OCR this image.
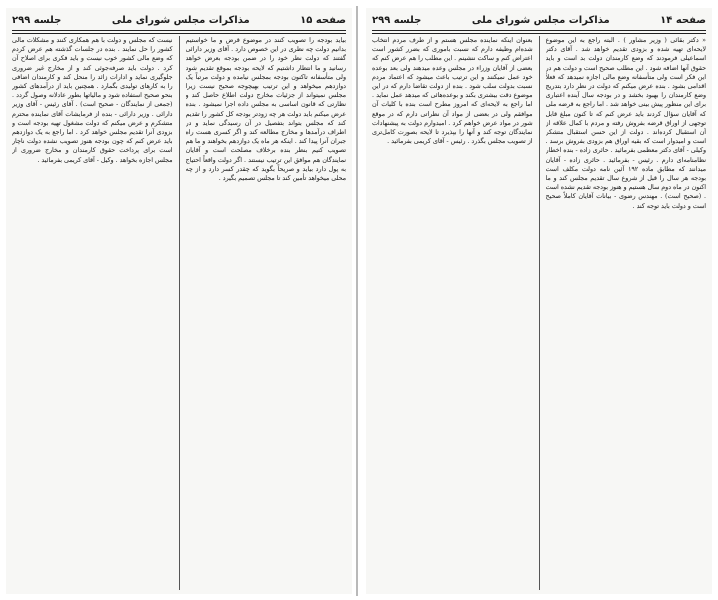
صفحه ۱۵
مذاکرات مجلس شورای ملی
جلسه ۲۹۹

بیاید بودجه را تصویب کنند در موضوع قرض و ما خواستیم بدانیم دولت چه نظری در این خصوص دارد . آقای وزیر دارائی گفتند که دولت نظر خود را در ضمن بودجه بعرض خواهد رسانید و ما انتظار داشتیم که لایحه بودجه بموقع تقدیم شود ولی متأسفانه تاکنون بودجه بمجلس نیامده و دولت مرتباً یک دوازدهم میخواهد و این ترتیب بهیچوجه صحیح نیست زیرا مجلس نمیتواند از جزئیات مخارج دولت اطلاع حاصل کند و نظارتی که قانون اساسی به مجلس داده اجرا نمیشود . بنده عرض میکنم باید دولت هر چه زودتر بودجه کل کشور را تقدیم کند که مجلس بتواند بتفصیل در آن رسیدگی نماید و در اطراف درآمدها و مخارج مطالعه کند و اگر کسری هست راه جبران آنرا پیدا کند . اینکه هر ماه یک دوازدهم بخواهند و ما هم تصویب کنیم بنظر بنده برخلاف مصلحت است و آقایان نمایندگان هم موافق این ترتیب نیستند . اگر دولت واقعاً احتیاج به پول دارد بیاید و صریحاً بگوید که چقدر کسر دارد و از چه محلی میخواهد تأمین کند تا مجلس تصمیم بگیرد .

نیست که مجلس و دولت با هم همکاری کنند و مشکلات مالی کشور را حل نمایند . بنده در جلسات گذشته هم عرض کردم که وضع مالی کشور خوب نیست و باید فکری برای اصلاح آن کرد . دولت باید صرفه‌جوئی کند و از مخارج غیر ضروری جلوگیری نماید و ادارات زائد را منحل کند و کارمندان اضافی را به کارهای تولیدی بگمارد . همچنین باید از درآمدهای کشور بنحو صحیح استفاده شود و مالیاتها بطور عادلانه وصول گردد . (جمعی از نمایندگان - صحیح است) . آقای رئیس - آقای وزیر دارائی . وزیر دارائی - بنده از فرمایشات آقای نماینده محترم متشکرم و عرض میکنم که دولت مشغول تهیه بودجه است و بزودی آنرا تقدیم مجلس خواهد کرد . اما راجع به یک دوازدهم باید عرض کنم که چون بودجه هنوز تصویب نشده دولت ناچار است برای پرداخت حقوق کارمندان و مخارج ضروری از مجلس اجازه بخواهد . وکیل - آقای کریمی بفرمائید .

صفحه ۱۴
مذاکرات مجلس شورای ملی
جلسه ۲۹۹

« دکتر بقائی ( وزیر مشاور ) . البته راجع به این موضوع لایحه‌ای تهیه شده و بزودی تقدیم خواهد شد . آقای دکتر اسماعیلی فرمودند که وضع کارمندان دولت بد است و باید حقوق آنها اضافه شود . این مطلب صحیح است و دولت هم در این فکر است ولی متأسفانه وضع مالی اجازه نمیدهد که فعلاً اقدامی بشود . بنده عرض میکنم که دولت در نظر دارد بتدریج وضع کارمندان را بهبود بخشد و در بودجه سال آینده اعتباری برای این منظور پیش بینی خواهد شد . اما راجع به قرضه ملی که آقایان سؤال کردند باید عرض کنم که تا کنون مبلغ قابل توجهی از اوراق قرضه بفروش رفته و مردم با کمال علاقه از آن استقبال کرده‌اند . دولت از این حسن استقبال متشکر است و امیدوار است که بقیه اوراق هم بزودی بفروش برسد . وکیلی - آقای دکتر معظمی بفرمائید . حائری زاده - بنده اخطار نظامنامه‌ای دارم . رئیس - بفرمائید . حائری زاده - آقایان میدانند که مطابق ماده ۱۹۲ آئین نامه دولت مکلف است بودجه هر سال را قبل از شروع سال تقدیم مجلس کند و ما اکنون در ماه دوم سال هستیم و هنوز بودجه تقدیم نشده است . (صحیح است) . مهندس رضوی - بیانات آقایان کاملاً صحیح است و دولت باید توجه کند .

بعنوان اینکه نماینده مجلس هستم و از طرف مردم انتخاب شده‌ام وظیفه دارم که نسبت باموری که بضرر کشور است اعتراض کنم و ساکت ننشینم . این مطلب را هم عرض کنم که بعضی از آقایان وزراء در مجلس وعده میدهند ولی بعد بوعده خود عمل نمیکنند و این ترتیب باعث میشود که اعتماد مردم نسبت بدولت سلب شود . بنده از دولت تقاضا دارم که در این موضوع دقت بیشتری بکند و بوعده‌هائی که میدهد عمل نماید . اما راجع به لایحه‌ای که امروز مطرح است بنده با کلیات آن موافقم ولی در بعضی از مواد آن نظراتی دارم که در موقع شور در مواد عرض خواهم کرد . امیدوارم دولت به پیشنهادات نمایندگان توجه کند و آنها را بپذیرد تا لایحه بصورت کامل‌تری از تصویب مجلس بگذرد . رئیس - آقای کریمی بفرمائید .
